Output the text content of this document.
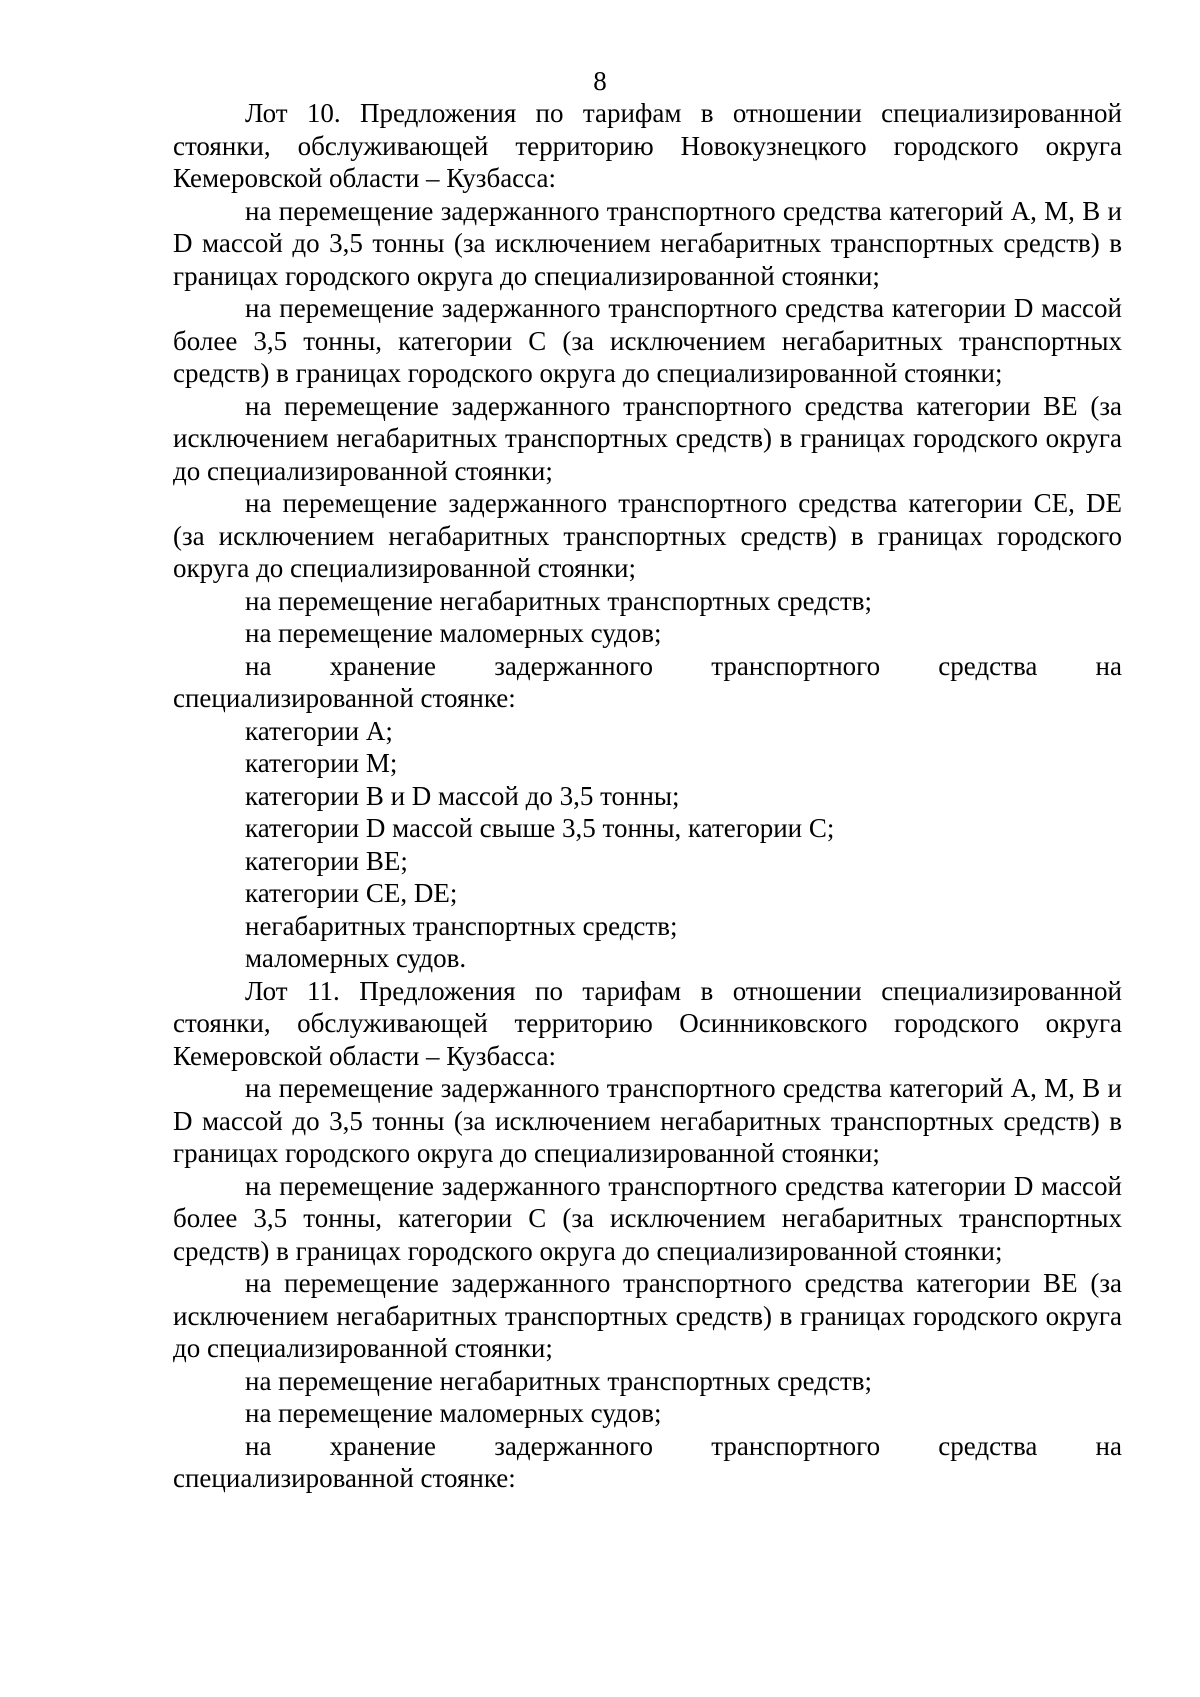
8

Лот 10. Предложения по тарифам в отношении специализированной стоянки, обслуживающей территорию Новокузнецкого городского округа Кемеровской области – Кузбасса:

на перемещение задержанного транспортного средства категорий A, M, B и D массой до 3,5 тонны (за исключением негабаритных транспортных средств) в границах городского округа до специализированной стоянки;

на перемещение задержанного транспортного средства категории D массой более 3,5 тонны, категории C (за исключением негабаритных транспортных средств) в границах городского округа до специализированной стоянки;

на перемещение задержанного транспортного средства категории BE (за исключением негабаритных транспортных средств) в границах городского округа до специализированной стоянки;

на перемещение задержанного транспортного средства категории CE, DE (за исключением негабаритных транспортных средств) в границах городского округа до специализированной стоянки;

на перемещение негабаритных транспортных средств;

на перемещение маломерных судов;

на хранение задержанного транспортного средства на

специализированной стоянке:

категории A;

категории M;

категории B и D массой до 3,5 тонны;

категории D массой свыше 3,5 тонны, категории C;

категории BE;

категории CE, DE;

негабаритных транспортных средств;

маломерных судов.

Лот 11. Предложения по тарифам в отношении специализированной стоянки, обслуживающей территорию Осинниковского городского округа Кемеровской области – Кузбасса:

на перемещение задержанного транспортного средства категорий A, M, B и D массой до 3,5 тонны (за исключением негабаритных транспортных средств) в границах городского округа до специализированной стоянки;

на перемещение задержанного транспортного средства категории D массой более 3,5 тонны, категории C (за исключением негабаритных транспортных средств) в границах городского округа до специализированной стоянки;

на перемещение задержанного транспортного средства категории BE (за исключением негабаритных транспортных средств) в границах городского округа до специализированной стоянки;

на перемещение негабаритных транспортных средств;

на перемещение маломерных судов;

на хранение задержанного транспортного средства на

специализированной стоянке:
